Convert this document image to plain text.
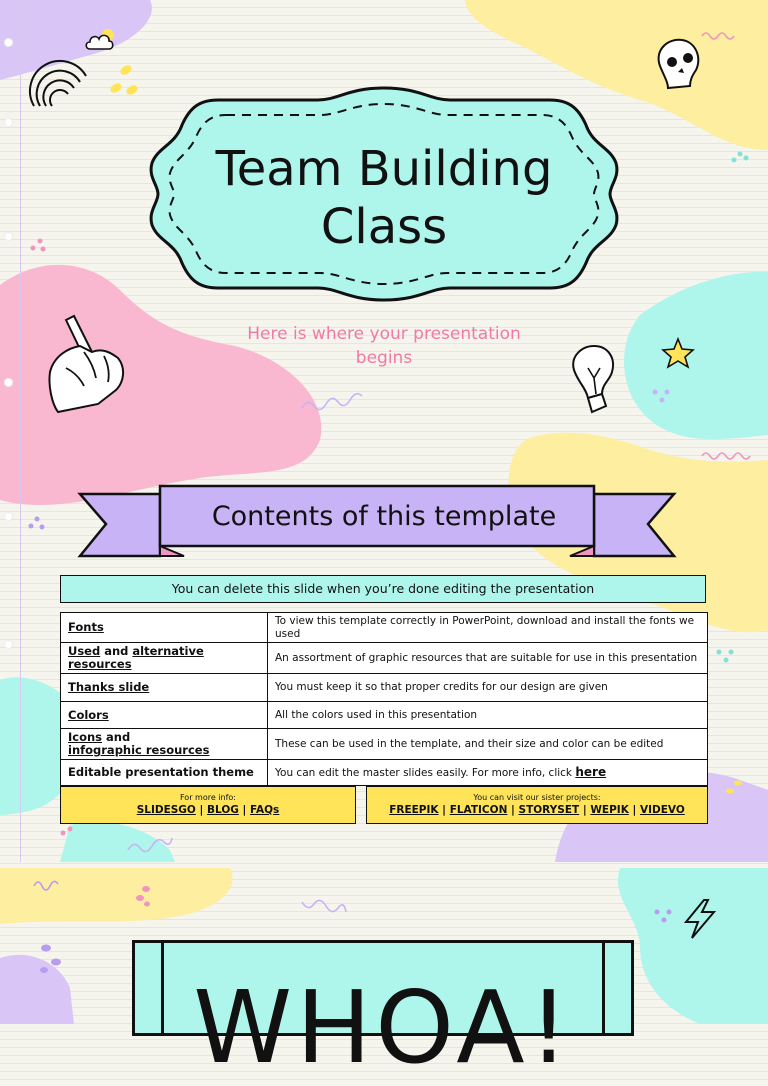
Team Building Class
Here is where your presentation begins
Contents of this template
You can delete this slide when you’re done editing the presentation
Fonts	To view this template correctly in PowerPoint, download and install the fonts we used
Used and alternative
resources	An assortment of graphic resources that are suitable for use in this presentation
Thanks slide	You must keep it so that proper credits for our design are given
Colors	All the colors used in this presentation
Icons and
infographic resources	These can be used in the template, and their size and color can be edited
Editable presentation theme	You can edit the master slides easily. For more info, click here
For more info:
SLIDESGO | BLOG | FAQs
You can visit our sister projects:
FREEPIK | FLATICON | STORYSET | WEPIK | VIDEVO
WHOA!
